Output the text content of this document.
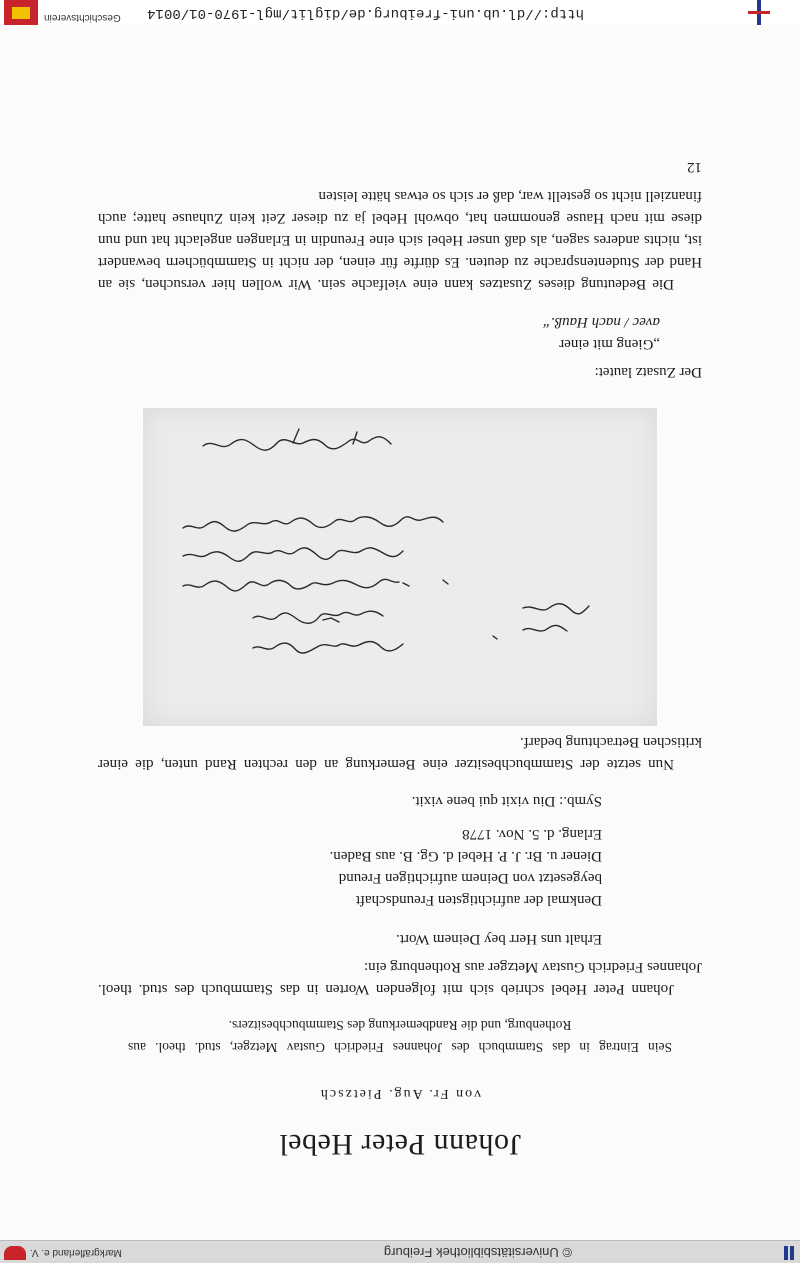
© Universitätsbibliothek Freiburg
Markgräflerland e. V.
Johann Peter Hebel
von Fr. Aug. Pietzsch
Sein Eintrag in das Stammbuch des Johannes Friedrich Gustav Metzger, stud. theol. aus Rothenburg, und die Randbemerkung des Stammbuchbesitzers.
Johann Peter Hebel schrieb sich mit folgenden Worten in das Stammbuch des stud. theol. Johannes Friedrich Gustav Metzger aus Rothenburg ein:
Erhalt uns Herr bey Deinem Wort.
Denkmal der aufrichtigsten Freundschaft
beygesetzt von Deinem aufrichtigen Freund
Diener u. Br. J. P. Hebel d. Gg. B. aus Baden.
Erlang. d. 5. Nov. 1778
Symb.: Diu vixit qui bene vixit.
Nun setzte der Stammbuchbesitzer eine Bemerkung an den rechten Rand unten, die einer kritischen Betrachtung bedarf.
Der Zusatz lautet:
„Gieng mit einer
avec / nach Hauß.“
Die Bedeutung dieses Zusatzes kann eine vielfache sein. Wir wollen hier versuchen, sie an Hand der Studentensprache zu deuten. Es dürfte für einen, der nicht in Stammbüchern bewandert ist, nichts anderes sagen, als daß unser Hebel sich eine Freundin in Erlangen angelacht hat und nun diese mit nach Hause genommen hat, obwohl Hebel ja zu dieser Zeit kein Zuhause hatte; auch finanziell nicht so gestellt war, daß er sich so etwas hätte leisten
12
http://dl.ub.uni-freiburg.de/diglit/mgl-1970-01/0014
Geschichtsverein
